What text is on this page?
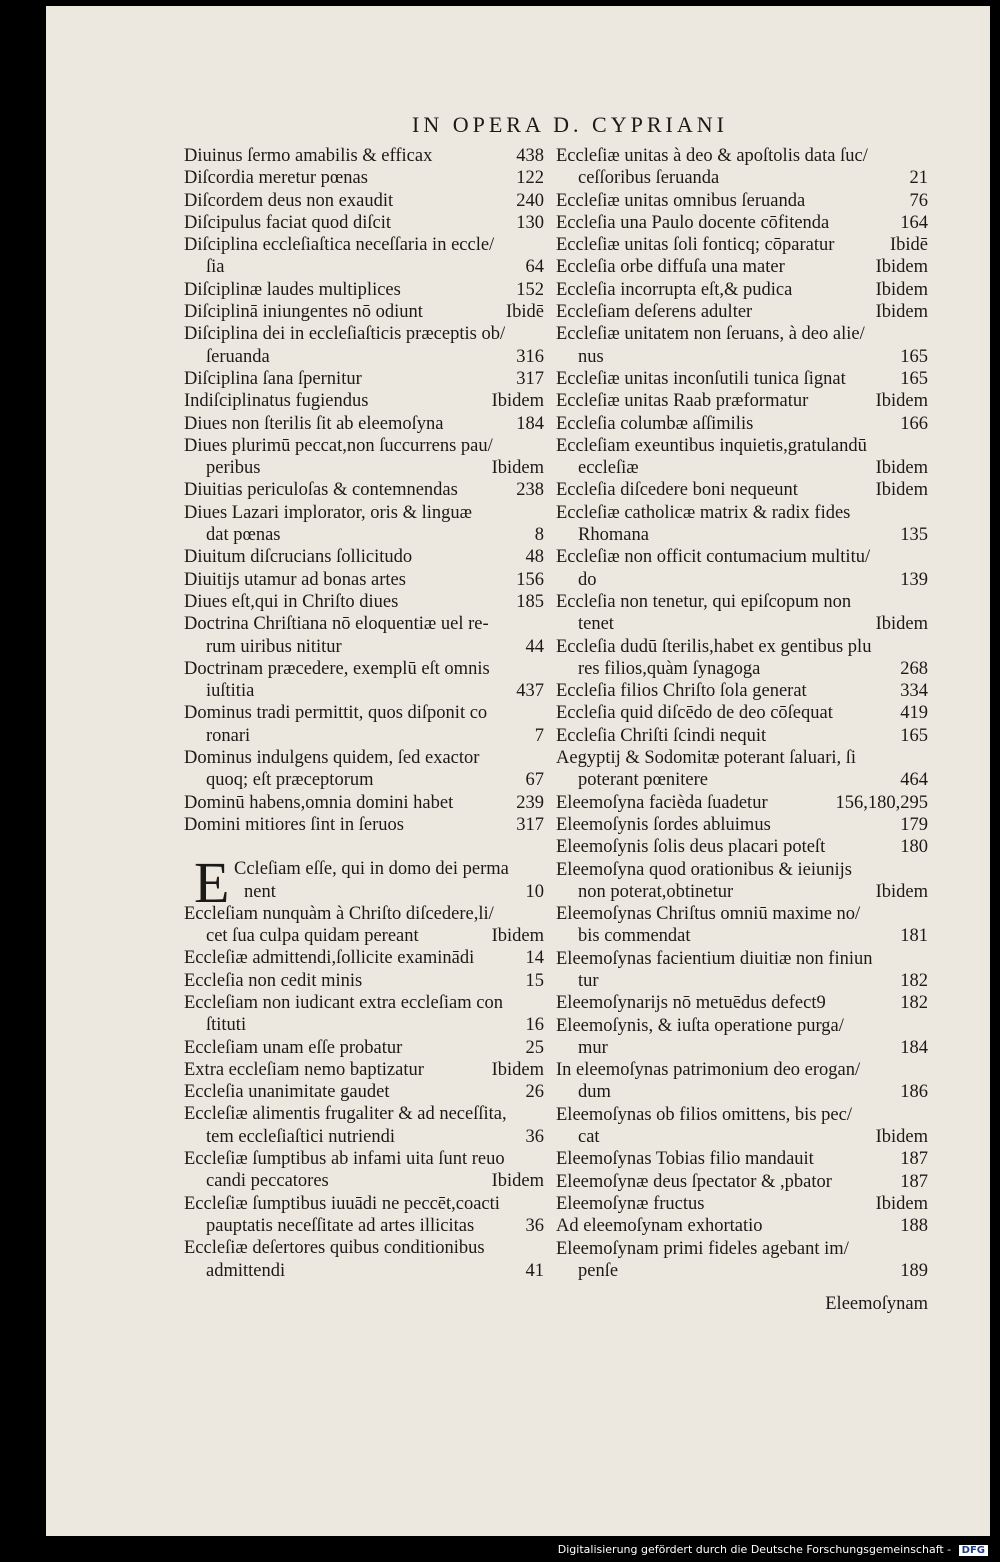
IN OPERA D. CYPRIANI
Diuinus ſermo amabilis & efficax	438
Diſcordia meretur pœnas	122
Diſcordem deus non exaudit	240
Diſcipulus faciat quod diſcit	130
Diſciplina eccleſiaſtica neceſſaria in eccle/
ſia	64
Diſciplinæ laudes multiplices	152
Diſciplinā iniungentes nō odiunt	Ibidē
Diſciplina dei in eccleſiaſticis præceptis ob/
ſeruanda	316
Diſciplina ſana ſpernitur	317
Indiſciplinatus fugiendus	Ibidem
Diues non ſterilis ſit ab eleemoſyna	184
Diues plurimū peccat,non ſuccurrens pau/
peribus	Ibidem
Diuitias periculoſas & contemnendas	238
Diues Lazari implorator, oris & linguæ
dat pœnas	8
Diuitum diſcrucians ſollicitudo	48
Diuitijs utamur ad bonas artes	156
Diues eſt,qui in Chriſto diues	185
Doctrina Chriſtiana nō eloquentiæ uel re-
rum uiribus nititur	44
Doctrinam præcedere, exemplū eſt omnis
iuſtitia	437
Dominus tradi permittit, quos diſponit co
ronari	7
Dominus indulgens quidem, ſed exactor
quoq; eſt præceptorum	67
Dominū habens,omnia domini habet	239
Domini mitiores ſint in ſeruos	317
E Ccleſiam eſſe, qui in domo dei perma
nent	10
Eccleſiam nunquàm à Chriſto diſcedere,li/
cet ſua culpa quidam pereant	Ibidem
Eccleſiæ admittendi,ſollicite examinādi	14
Eccleſia non cedit minis	15
Eccleſiam non iudicant extra eccleſiam con
ſtituti	16
Eccleſiam unam eſſe probatur	25
Extra eccleſiam nemo baptizatur	Ibidem
Eccleſia unanimitate gaudet	26
Eccleſiæ alimentis frugaliter & ad neceſſita,
tem eccleſiaſtici nutriendi	36
Eccleſiæ ſumptibus ab infami uita ſunt reuo
candi peccatores	Ibidem
Eccleſiæ ſumptibus iuuādi ne peccēt,coacti
pauptatis neceſſitate ad artes illicitas	36
Eccleſiæ deſertores quibus conditionibus
admittendi	41
Eccleſiæ unitas à deo & apoſtolis data ſuc/
ceſſoribus ſeruanda	21
Eccleſiæ unitas omnibus ſeruanda	76
Eccleſia una Paulo docente cōfitenda	164
Eccleſiæ unitas ſoli fonticq; cōparatur	Ibidē
Eccleſia orbe diffuſa una mater	Ibidem
Eccleſia incorrupta eſt,& pudica	Ibidem
Eccleſiam deſerens adulter	Ibidem
Eccleſiæ unitatem non ſeruans, à deo alie/
nus	165
Eccleſiæ unitas inconſutili tunica ſignat	165
Eccleſiæ unitas Raab præformatur	Ibidem
Eccleſia columbæ aſſimilis	166
Eccleſiam exeuntibus inquietis,gratulandū
eccleſiæ	Ibidem
Eccleſia diſcedere boni nequeunt	Ibidem
Eccleſiæ catholicæ matrix & radix fides
Rhomana	135
Eccleſiæ non officit contumacium multitu/
do	139
Eccleſia non tenetur, qui epiſcopum non
tenet	Ibidem
Eccleſia dudū ſterilis,habet ex gentibus plu
res filios,quàm ſynagoga	268
Eccleſia filios Chriſto ſola generat	334
Eccleſia quid diſcēdo de deo cōſequat	419
Eccleſia Chriſti ſcindi nequit	165
Aegyptij & Sodomitæ poterant ſaluari, ſi
poterant pœnitere	464
Eleemoſyna facièda ſuadetur	156,180,295
Eleemoſynis ſordes abluimus	179
Eleemoſynis ſolis deus placari poteſt	180
Eleemoſyna quod orationibus & ieiunijs
non poterat,obtinetur	Ibidem
Eleemoſynas Chriſtus omniū maxime no/
bis commendat	181
Eleemoſynas facientium diuitiæ non finiun
tur	182
Eleemoſynarijs nō metuēdus defect9	182
Eleemoſynis, & iuſta operatione purga/
mur	184
In eleemoſynas patrimonium deo erogan/
dum	186
Eleemoſynas ob filios omittens, bis pec/
cat	Ibidem
Eleemoſynas Tobias filio mandauit	187
Eleemoſynæ deus ſpectator & ,pbator	187
Eleemoſynæ fructus	Ibidem
Ad eleemoſynam exhortatio	188
Eleemoſynam primi fideles agebant im/
penſe	189
Eleemoſynam
Digitalisierung gefördert durch die Deutsche Forschungsgemeinschaft - DFG
